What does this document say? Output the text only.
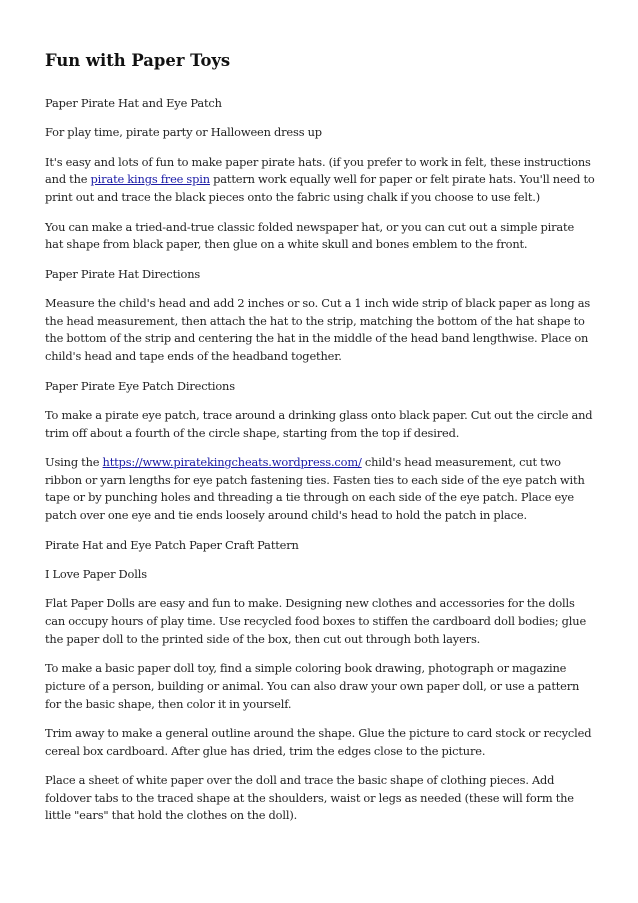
Fun with Paper Toys

Paper Pirate Hat and Eye Patch

For play time, pirate party or Halloween dress up

It's easy and lots of fun to make paper pirate hats. (if you prefer to work in felt, these instructions and the pirate kings free spin pattern work equally well for paper or felt pirate hats. You'll need to print out and trace the black pieces onto the fabric using chalk if you choose to use felt.)

You can make a tried-and-true classic folded newspaper hat, or you can cut out a simple pirate hat shape from black paper, then glue on a white skull and bones emblem to the front.

Paper Pirate Hat Directions

Measure the child's head and add 2 inches or so. Cut a 1 inch wide strip of black paper as long as the head measurement, then attach the hat to the strip, matching the bottom of the hat shape to the bottom of the strip and centering the hat in the middle of the head band lengthwise. Place on child's head and tape ends of the headband together.

Paper Pirate Eye Patch Directions

To make a pirate eye patch, trace around a drinking glass onto black paper. Cut out the circle and trim off about a fourth of the circle shape, starting from the top if desired.

Using the https://www.piratekingcheats.wordpress.com/ child's head measurement, cut two ribbon or yarn lengths for eye patch fastening ties. Fasten ties to each side of the eye patch with tape or by punching holes and threading a tie through on each side of the eye patch. Place eye patch over one eye and tie ends loosely around child's head to hold the patch in place.

Pirate Hat and Eye Patch Paper Craft Pattern

I Love Paper Dolls

Flat Paper Dolls are easy and fun to make. Designing new clothes and accessories for the dolls can occupy hours of play time. Use recycled food boxes to stiffen the cardboard doll bodies; glue the paper doll to the printed side of the box, then cut out through both layers.

To make a basic paper doll toy, find a simple coloring book drawing, photograph or magazine picture of a person, building or animal. You can also draw your own paper doll, or use a pattern for the basic shape, then color it in yourself.

Trim away to make a general outline around the shape. Glue the picture to card stock or recycled cereal box cardboard. After glue has dried, trim the edges close to the picture.

Place a sheet of white paper over the doll and trace the basic shape of clothing pieces. Add foldover tabs to the traced shape at the shoulders, waist or legs as needed (these will form the little "ears" that hold the clothes on the doll).
